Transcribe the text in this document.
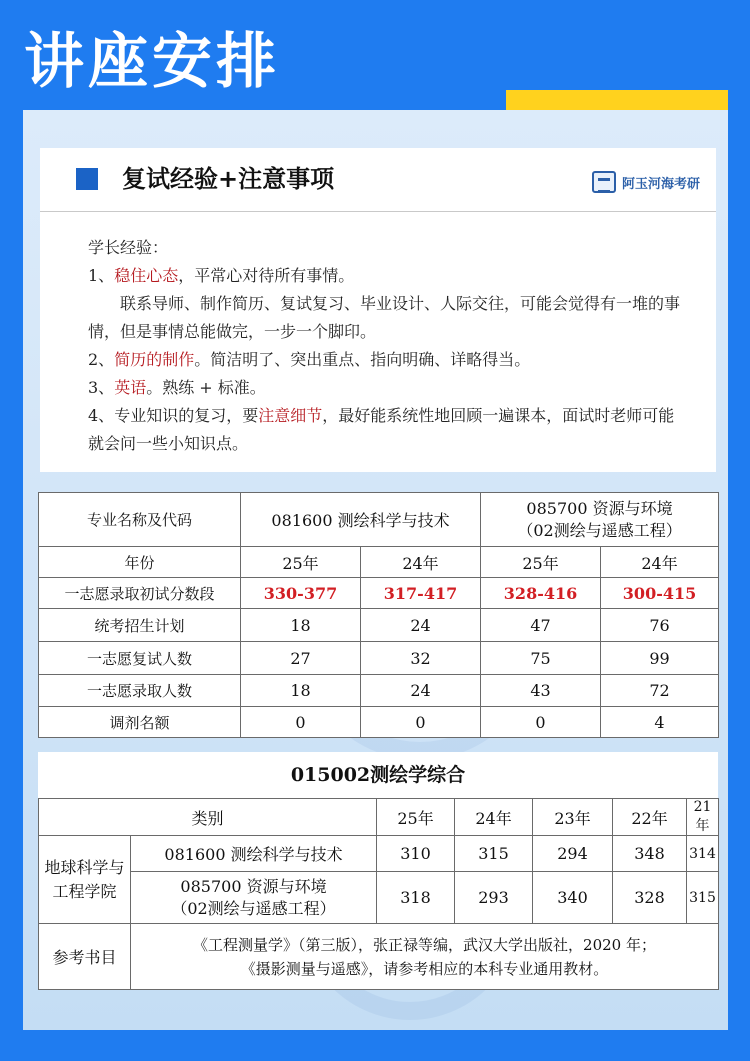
讲座安排
复试经验+注意事项	阿玉河海考研

学长经验：

1、稳住心态，平常心对待所有事情。

联系导师、制作简历、复试复习、毕业设计、人际交往，可能会觉得有一堆的事情，但是事情总能做完，一步一个脚印。

2、简历的制作。简洁明了、突出重点、指向明确、详略得当。

3、英语。熟练 + 标准。

4、专业知识的复习，要注意细节，最好能系统性地回顾一遍课本，面试时老师可能就会问一些小知识点。

专业名称及代码	081600 测绘科学与技术		085700 资源与环境
（02测绘与遥感工程）	

年份	25年	24年	25年	24年
一志愿录取初试分数段	330-377	317-417	328-416	300-415
统考招生计划	18	24	47	76
一志愿复试人数	27	32	75	99
一志愿录取人数	18	24	43	72
调剂名额	0	0	0	4
015002测绘学综合
类别		25年	24年	23年	22年	21年
地球科学与工程学院	081600 测绘科学与技术	310	315	294	348	314

	085700 资源与环境
（02测绘与遥感工程）	318	293	340	328	315
参考书目	《工程测量学》（第三版），张正禄等编，武汉大学出版社，2020 年；
《摄影测量与遥感》，请参考相应的本科专业通用教材。					
